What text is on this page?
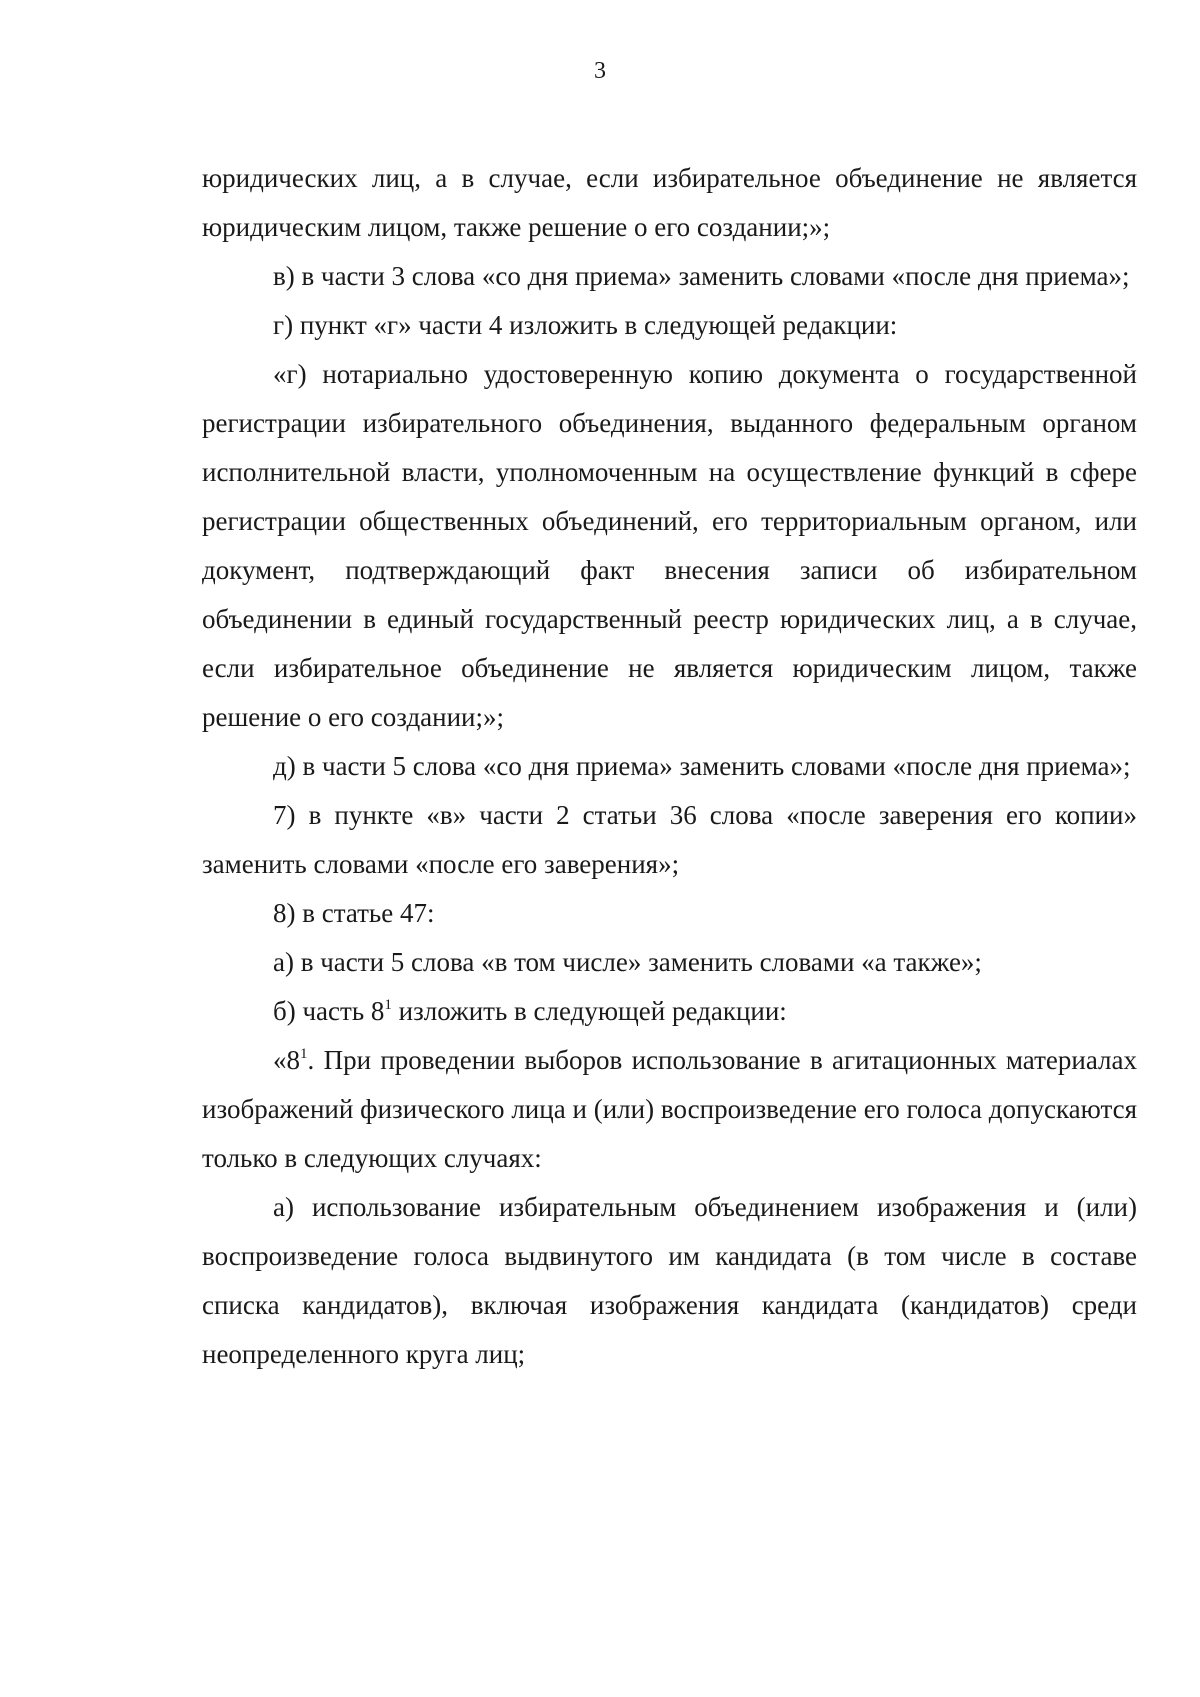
3

юридических лиц, а в случае, если избирательное объединение не является юридическим лицом, также решение о его создании;»;

в) в части 3 слова «со дня приема» заменить словами «после дня приема»;

г) пункт «г» части 4 изложить в следующей редакции:

«г) нотариально удостоверенную копию документа о государственной регистрации избирательного объединения, выданного федеральным органом исполнительной власти, уполномоченным на осуществление функций в сфере регистрации общественных объединений, его территориальным органом, или документ, подтверждающий факт внесения записи об избирательном объединении в единый государственный реестр юридических лиц, а в случае, если избирательное объединение не является юридическим лицом, также решение о его создании;»;

д) в части 5 слова «со дня приема» заменить словами «после дня приема»;

7) в пункте «в» части 2 статьи 36 слова «после заверения его копии» заменить словами «после его заверения»;

8) в статье 47:

а) в части 5 слова «в том числе» заменить словами «а также»;

б) часть $8^1$ изложить в следующей редакции:

«$8^1$. При проведении выборов использование в агитационных материалах изображений физического лица и (или) воспроизведение его голоса допускаются только в следующих случаях:

а) использование избирательным объединением изображения и (или) воспроизведение голоса выдвинутого им кандидата (в том числе в составе списка кандидатов), включая изображения кандидата (кандидатов) среди неопределенного круга лиц;
